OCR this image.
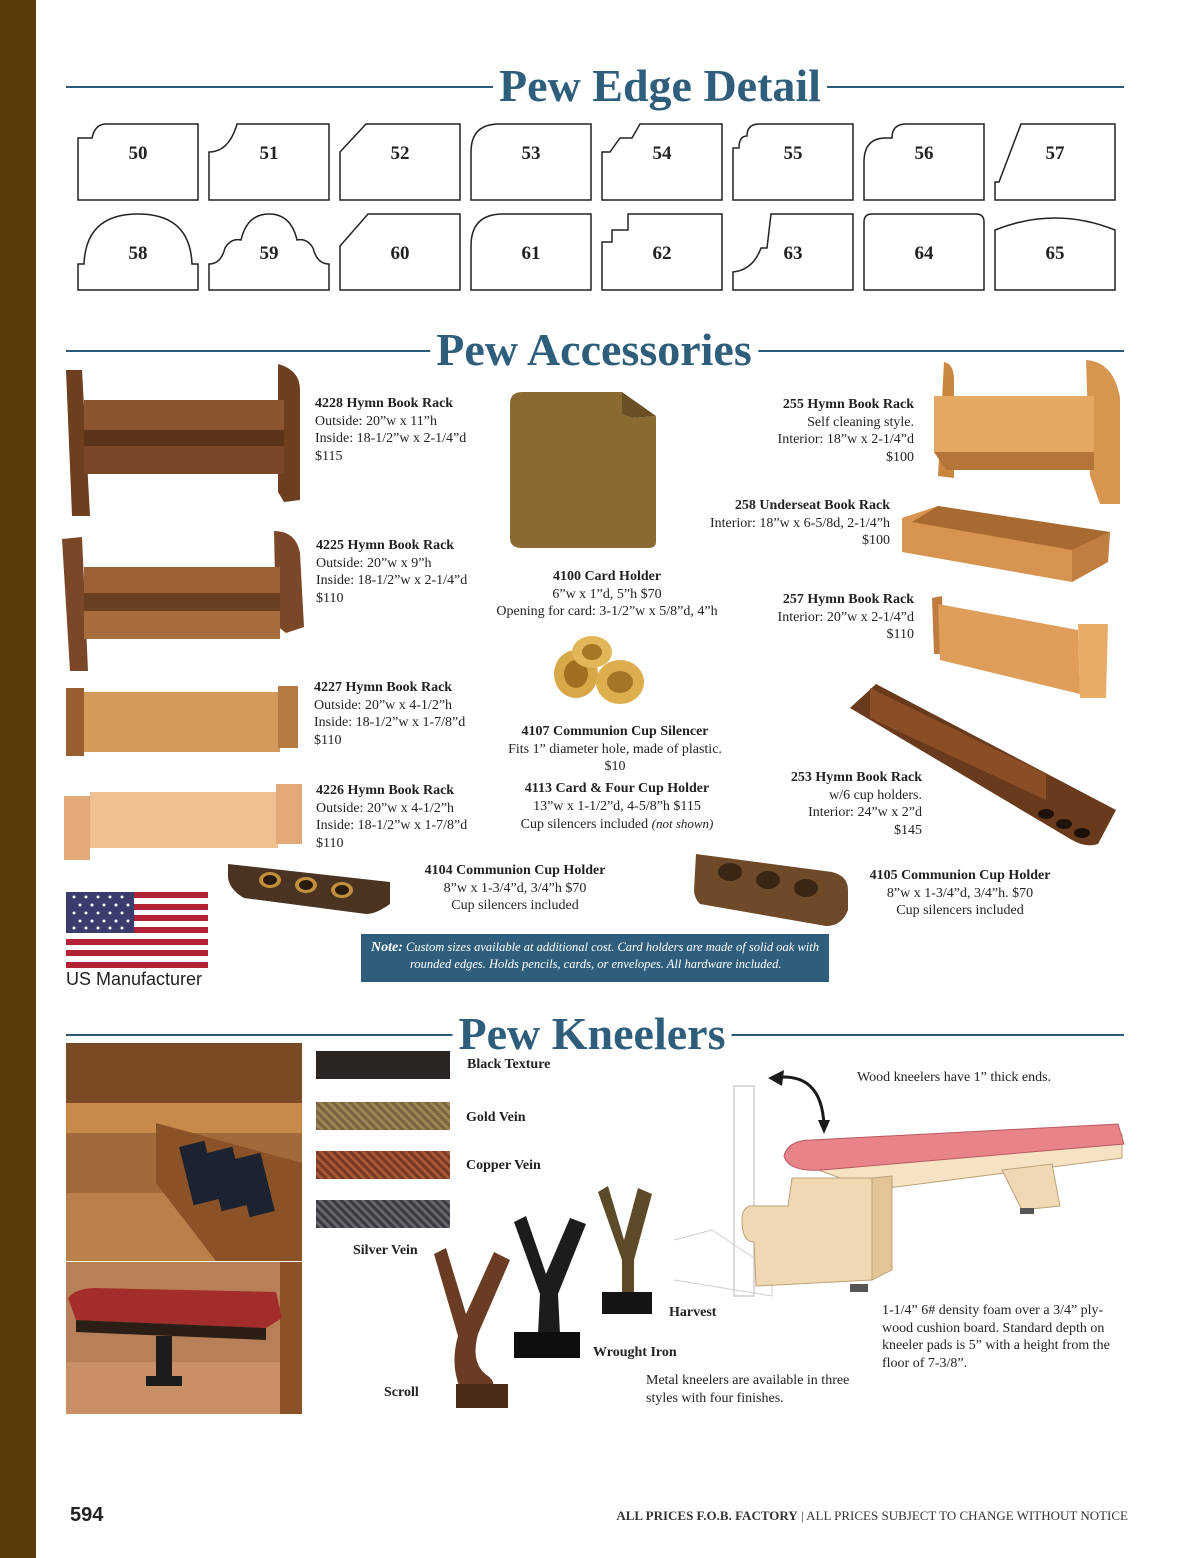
Pew Edge Detail
50	51	52	53	54	55	56	57
58	59	60	61	62	63	64	65
Pew Accessories
4228 Hymn Book Rack
Outside: 20”w x 11”h
Inside: 18-1/2”w x 2-1/4”d
$115
4225 Hymn Book Rack
Outside: 20”w x 9”h
Inside: 18-1/2”w x 2-1/4”d
$110
4227 Hymn Book Rack
Outside: 20”w x 4-1/2”h
Inside: 18-1/2”w x 1-7/8”d
$110
4226 Hymn Book Rack
Outside: 20”w x 4-1/2”h
Inside: 18-1/2”w x 1-7/8”d
$110
4100 Card Holder
6”w x 1”d, 5”h $70
Opening for card: 3-1/2”w x 5/8”d, 4”h
4107 Communion Cup Silencer
Fits 1” diameter hole, made of plastic.
$10
4113 Card & Four Cup Holder
13”w x 1-1/2”d, 4-5/8”h $115
Cup silencers included (not shown)
4104 Communion Cup Holder
8”w x 1-3/4”d, 3/4”h $70
Cup silencers included
255 Hymn Book Rack
Self cleaning style.
Interior: 18”w x 2-1/4”d
$100
258 Underseat Book Rack
Interior: 18”w x 6-5/8d, 2-1/4”h
$100
257 Hymn Book Rack
Interior: 20”w x 2-1/4”d
$110
253 Hymn Book Rack
w/6 cup holders.
Interior: 24”w x 2”d
$145
4105 Communion Cup Holder
8”w x 1-3/4”d, 3/4”h. $70
Cup silencers included
US Manufacturer
Note: Custom sizes available at additional cost. Card holders are made of solid oak with
rounded edges. Holds pencils, cards, or envelopes. All hardware included.
Pew Kneelers
Black Texture
Gold Vein
Copper Vein
Silver Vein
Harvest
Wrought Iron
Scroll
Metal kneelers are available in three
styles with four finishes.
Wood kneelers have 1” thick ends.
1-1/4” 6# density foam over a 3/4” ply-
wood cushion board. Standard depth on
kneeler pads is 5” with a height from the
floor of 7-3/8”.
594	ALL PRICES F.O.B. FACTORY | ALL PRICES SUBJECT TO CHANGE WITHOUT NOTICE
